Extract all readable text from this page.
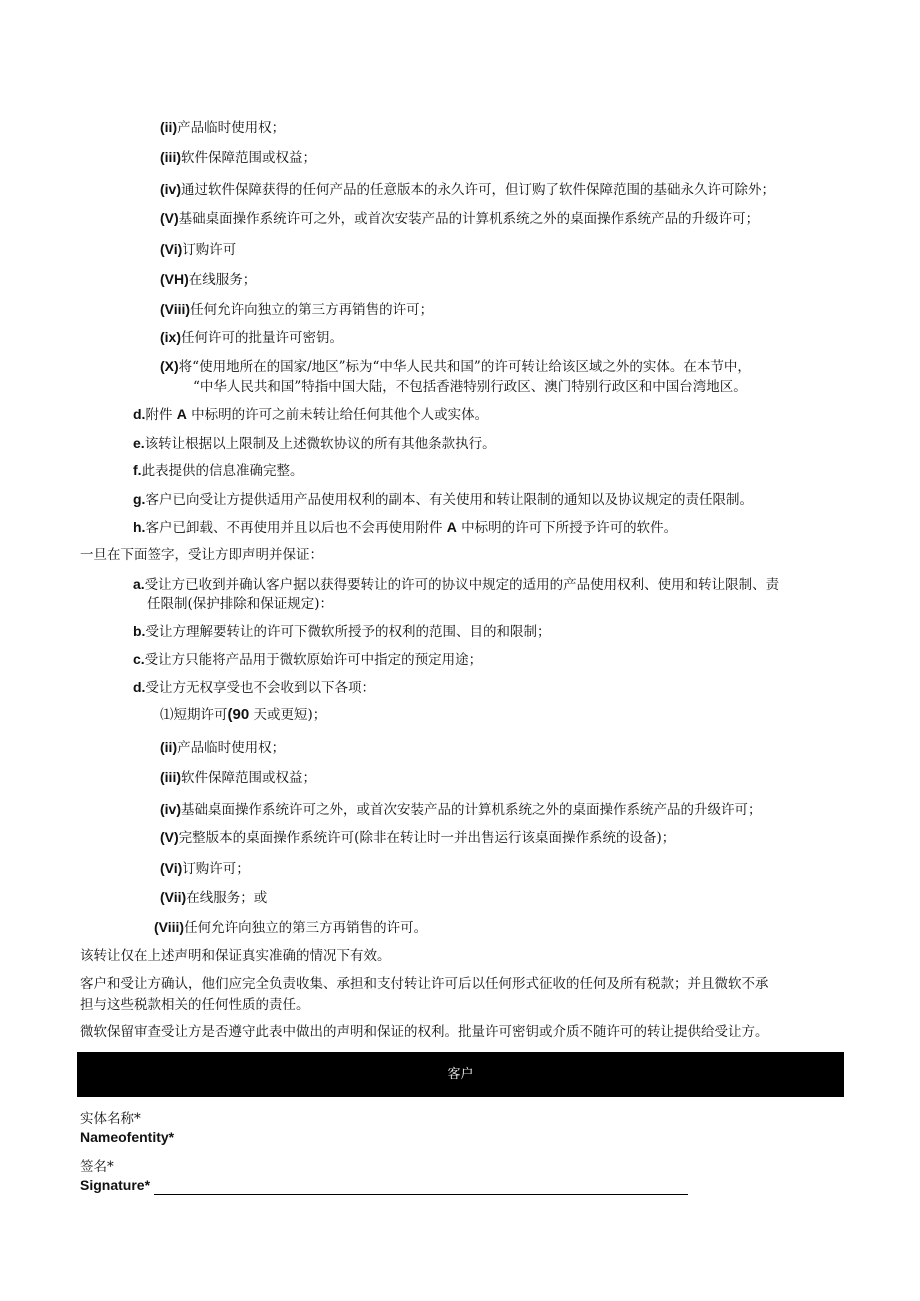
(ii)产品临时使用权；
(iii)软件保障范围或权益；
(iv)通过软件保障获得的任何产品的任意版本的永久许可，但订购了软件保障范围的基础永久许可除外；
(V)基础桌面操作系统许可之外，或首次安装产品的计算机系统之外的桌面操作系统产品的升级许可；
(Vi)订购许可
(VH)在线服务；
(Viii)任何允许向独立的第三方再销售的许可；
(ix)任何许可的批量许可密钥。
(X)将“使用地所在的国家/地区”标为“中华人民共和国”的许可转让给该区域之外的实体。在本节中，
“中华人民共和国”特指中国大陆，不包括香港特别行政区、澳门特别行政区和中国台湾地区。
d.附件 A 中标明的许可之前未转让给任何其他个人或实体。
e.该转让根据以上限制及上述微软协议的所有其他条款执行。
f.此表提供的信息准确完整。
g.客户已向受让方提供适用产品使用权利的副本、有关使用和转让限制的通知以及协议规定的责任限制。
h.客户已卸载、不再使用并且以后也不会再使用附件 A 中标明的许可下所授予许可的软件。
一旦在下面签字，受让方即声明并保证：
a.受让方已收到并确认客户据以获得要转让的许可的协议中规定的适用的产品使用权利、使用和转让限制、责
任限制(保护排除和保证规定)：
b.受让方理解要转让的许可下微软所授予的权利的范围、目的和限制；
c.受让方只能将产品用于微软原始许可中指定的预定用途；
d.受让方无权享受也不会收到以下各项：
⑴短期许可(90 天或更短)；
(ii)产品临时使用权；
(iii)软件保障范围或权益；
(iv)基础桌面操作系统许可之外，或首次安装产品的计算机系统之外的桌面操作系统产品的升级许可；
(V)完整版本的桌面操作系统许可(除非在转让时一并出售运行该桌面操作系统的设备)；
(Vi)订购许可；
(Vii)在线服务；或
(Viii)任何允许向独立的第三方再销售的许可。
该转让仅在上述声明和保证真实准确的情况下有效。
客户和受让方确认，他们应完全负责收集、承担和支付转让许可后以任何形式征收的任何及所有税款；并且微软不承
担与这些税款相关的任何性质的责任。
微软保留审查受让方是否遵守此表中做出的声明和保证的权利。批量许可密钥或介质不随许可的转让提供给受让方。
客户
实体名称*
Nameofentity*
签名*
Signature*
